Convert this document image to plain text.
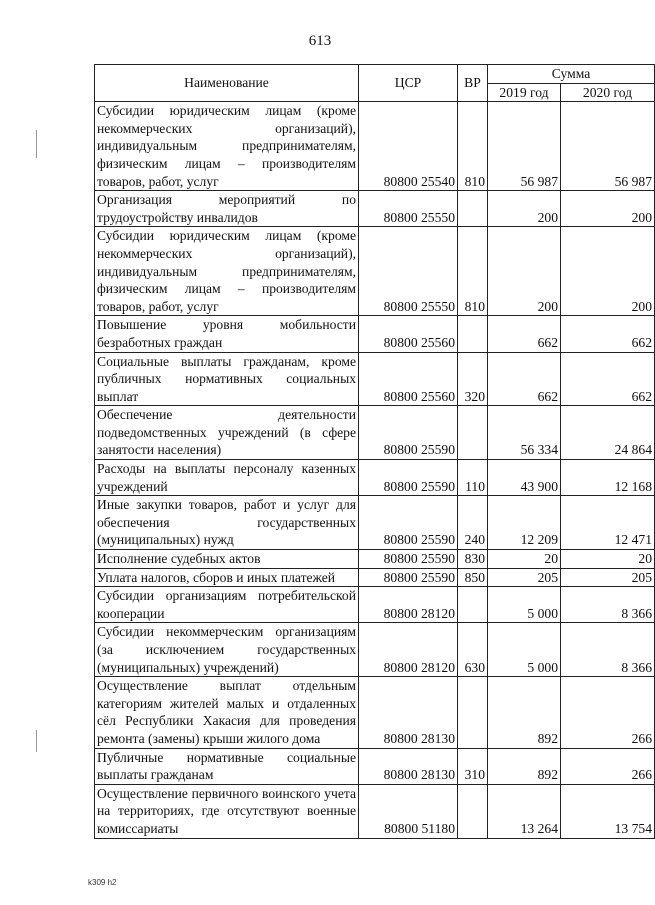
613
Наименование	ЦСР	ВР	Сумма	
			2019 год	2020 год
Субсидии юридическим лицам (кроме некоммерческих организаций), индивидуальным предпринимателям, физическим лицам – производителям товаров, работ, услуг	80800 25540	810	56 987	56 987
Организация мероприятий по трудоустройству инвалидов	80800 25550		200	200
Субсидии юридическим лицам (кроме некоммерческих организаций), индивидуальным предпринимателям, физическим лицам – производителям товаров, работ, услуг	80800 25550	810	200	200
Повышение уровня мобильности безработных граждан	80800 25560		662	662
Социальные выплаты гражданам, кроме публичных нормативных социальных выплат	80800 25560	320	662	662
Обеспечение деятельности подведомственных учреждений (в сфере занятости населения)	80800 25590		56 334	24 864
Расходы на выплаты персоналу казенных учреждений	80800 25590	110	43 900	12 168
Иные закупки товаров, работ и услуг для обеспечения государственных (муниципальных) нужд	80800 25590	240	12 209	12 471
Исполнение судебных актов	80800 25590	830	20	20
Уплата налогов, сборов и иных платежей	80800 25590	850	205	205
Субсидии организациям потребительской кооперации	80800 28120		5 000	8 366
Субсидии некоммерческим организациям (за исключением государственных (муниципальных) учреждений)	80800 28120	630	5 000	8 366
Осуществление выплат отдельным категориям жителей малых и отдаленных сёл Республики Хакасия для проведения ремонта (замены) крыши жилого дома	80800 28130		892	266
Публичные нормативные социальные выплаты гражданам	80800 28130	310	892	266
Осуществление первичного воинского учета на территориях, где отсутствуют военные комиссариаты	80800 51180		13 264	13 754
k309 h2
